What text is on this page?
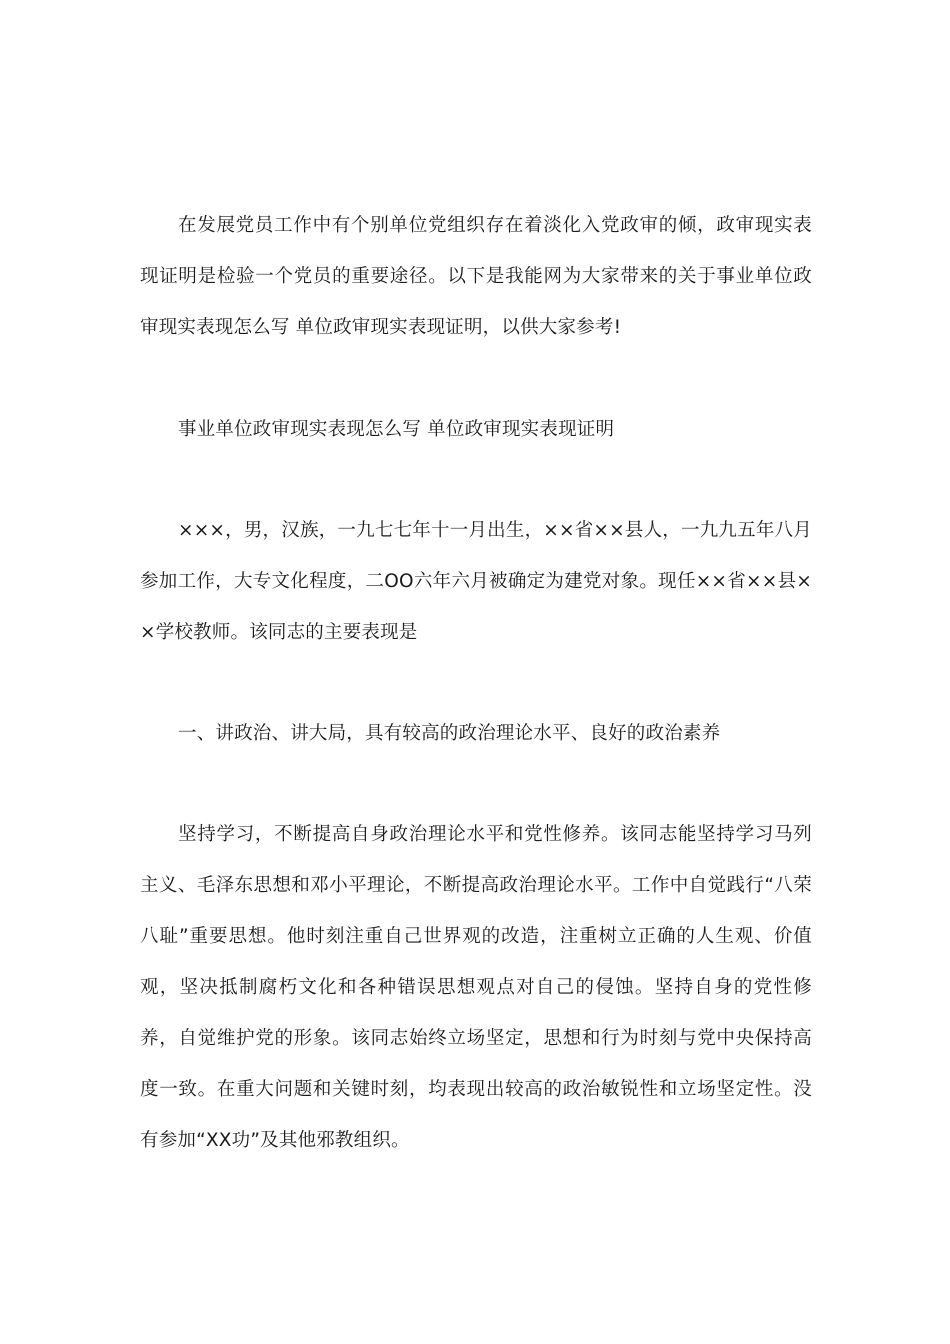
在发展党员工作中有个别单位党组织存在着淡化入党政审的倾，政审现实表现证明是检验一个党员的重要途径。以下是我能网为大家带来的关于事业单位政审现实表现怎么写 单位政审现实表现证明，以供大家参考!

事业单位政审现实表现怎么写 单位政审现实表现证明

×××，男，汉族，一九七七年十一月出生，××省××县人，一九九五年八月参加工作，大专文化程度，二OO六年六月被确定为建党对象。现任××省××县××学校教师。该同志的主要表现是

一、讲政治、讲大局，具有较高的政治理论水平、良好的政治素养

坚持学习，不断提高自身政治理论水平和党性修养。该同志能坚持学习马列主义、毛泽东思想和邓小平理论，不断提高政治理论水平。工作中自觉践行“八荣八耻”重要思想。他时刻注重自己世界观的改造，注重树立正确的人生观、价值观，坚决抵制腐朽文化和各种错误思想观点对自己的侵蚀。坚持自身的党性修养，自觉维护党的形象。该同志始终立场坚定，思想和行为时刻与党中央保持高度一致。在重大问题和关键时刻，均表现出较高的政治敏锐性和立场坚定性。没有参加“XX功”及其他邪教组织。
